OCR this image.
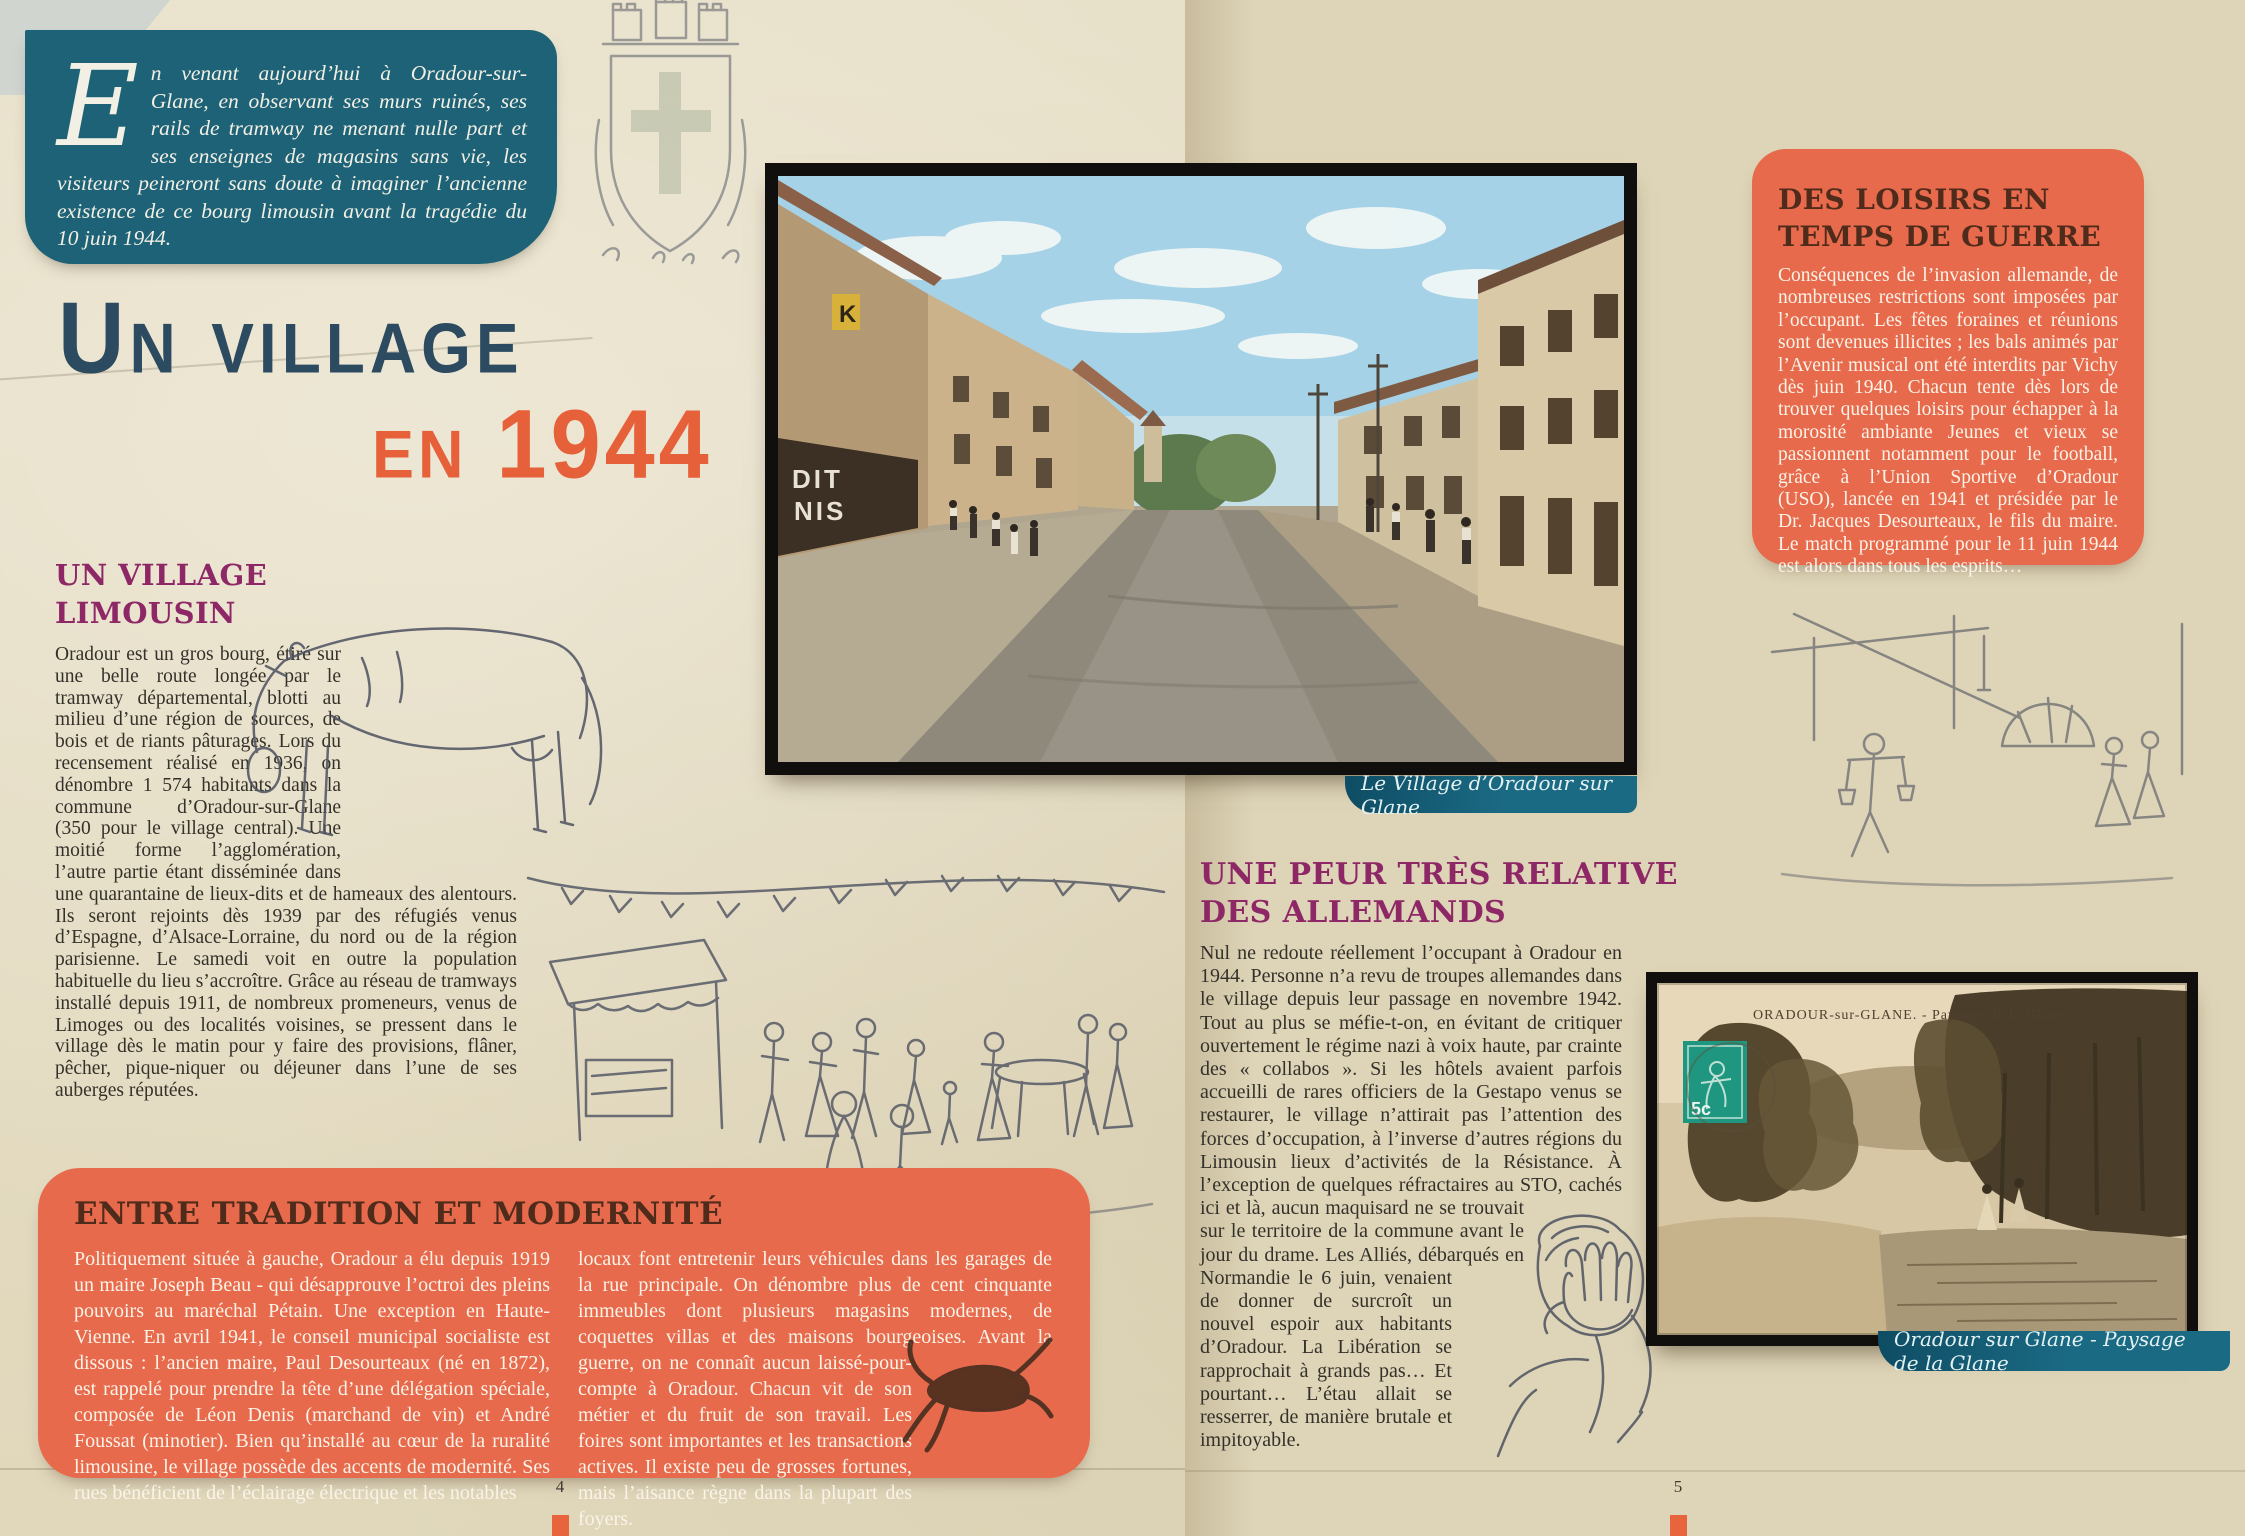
E n venant aujourd’hui à Oradour-sur-Glane, en observant ses murs ruinés, ses rails de tramway ne menant nulle part et ses enseignes de magasins sans vie, les visiteurs peineront sans doute à imaginer l’ancienne existence de ce bourg limousin avant la tragédie du 10 juin 1944.
Un village
en 1944
UN VILLAGE
LIMOUSIN
Oradour est un gros bourg, étiré sur une belle route longée par le tramway départemental, blotti au milieu d’une région de sources, de bois et de riants pâturages. Lors du recensement réalisé en 1936, on dénombre 1 574 habitants dans la commune d’Oradour-sur-Glane (350 pour le village central). Une moitié forme l’agglomération, l’autre partie étant disséminée dans une quarantaine de lieux-dits et de hameaux des alentours. Ils seront rejoints dès 1939 par des réfugiés venus d’Espagne, d’Alsace-Lorraine, du nord ou de la région parisienne. Le samedi voit en outre la population habituelle du lieu s’accroître. Grâce au réseau de tramways installé depuis 1911, de nombreux promeneurs, venus de Limoges ou des localités voisines, se pressent dans le village dès le matin pour y faire des provisions, flâner, pêcher, pique-niquer ou déjeuner dans l’une de ses auberges réputées.
ENTRE TRADITION ET MODERNITÉ
Politiquement située à gauche, Oradour a élu depuis 1919 un maire Joseph Beau - qui désapprouve l’octroi des pleins pouvoirs au maréchal Pétain. Une exception en Haute-Vienne. En avril 1941, le conseil municipal socialiste est dissous : l’ancien maire, Paul Desourteaux (né en 1872), est rappelé pour prendre la tête d’une délégation spéciale, composée de Léon Denis (marchand de vin) et André Foussat (minotier). Bien qu’installé au cœur de la ruralité limousine, le village possède des accents de modernité. Ses rues bénéficient de l’éclairage électrique et les notables
locaux font entretenir leurs véhicules dans les garages de la rue principale. On dénombre plus de cent cinquante immeubles dont plusieurs magasins modernes, de coquettes villas et des maisons bourgeoises. Avant la guerre, on ne connaît aucun laissé-pour-compte à Oradour. Chacun vit de son métier et du fruit de son travail. Les foires sont importantes et les transactions actives. Il existe peu de grosses fortunes, mais l’aisance règne dans la plupart des foyers.
K
DIT
NIS
Le Village d’Oradour sur Glane
DES LOISIRS EN
TEMPS DE GUERRE
Conséquences de l’invasion allemande, de nombreuses restrictions sont imposées par l’occupant. Les fêtes foraines et réunions sont devenues illicites ; les bals animés par l’Avenir musical ont été interdits par Vichy dès juin 1940. Chacun tente dès lors de trouver quelques loisirs pour échapper à la morosité ambiante Jeunes et vieux se passionnent notamment pour le football, grâce à l’Union Sportive d’Oradour (USO), lancée en 1941 et présidée par le Dr. Jacques Desourteaux, le fils du maire. Le match programmé pour le 11 juin 1944 est alors dans tous les esprits…
UNE PEUR TRÈS RELATIVE
DES ALLEMANDS
Nul ne redoute réellement l’occupant à Oradour en 1944. Personne n’a revu de troupes allemandes dans le village depuis leur passage en novembre 1942. Tout au plus se méfie-t-on, en évitant de critiquer ouvertement le régime nazi à voix haute, par crainte des « collabos ». Si les hôtels avaient parfois accueilli de rares officiers de la Gestapo venus se restaurer, le village n’attirait pas l’attention des forces d’occupation, à l’inverse d’autres régions du Limousin lieux d’activités de la Résistance. À l’exception de quelques réfractaires au STO, cachés ici et là, aucun maquisard ne se trouvait sur le territoire de la commune avant le jour du drame. Les Alliés, débarqués en Normandie le 6 juin, venaient de donner de surcroît un nouvel espoir aux habitants d’Oradour. La Libération se rapprochait à grands pas… Et pourtant… L’étau allait se resserrer, de manière brutale et impitoyable.
ORADOUR-sur-GLANE. - Paysage de la Glane
5c
Oradour sur Glane - Paysage de la Glane
4	5
